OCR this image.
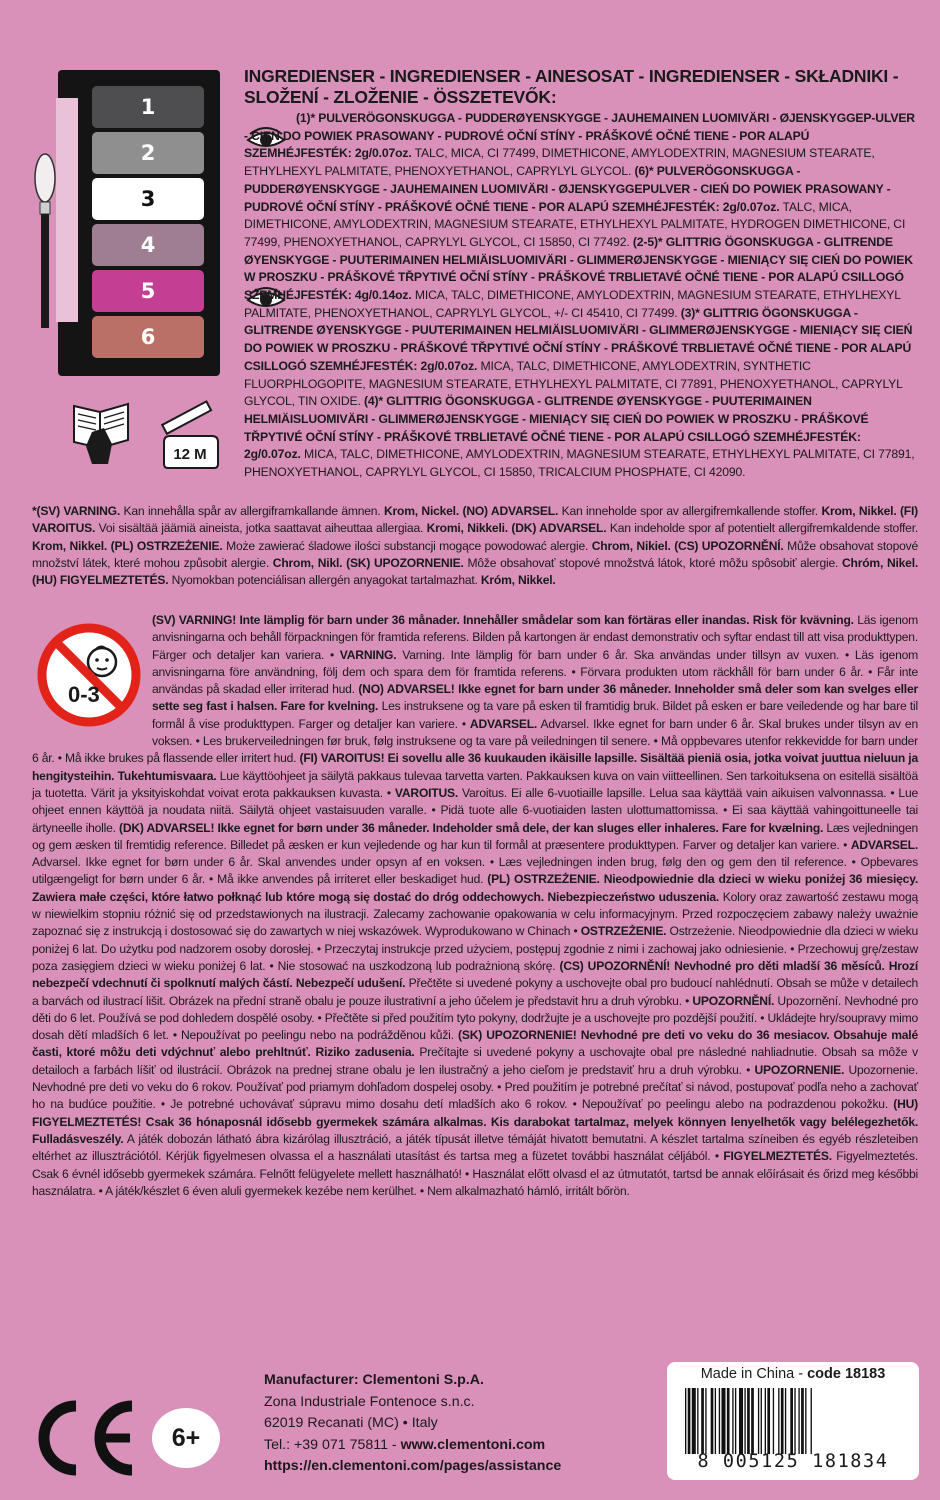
1
2
3
4
5
6
12 M
INGREDIENSER - INGREDIENSER - AINESOSAT - INGREDIENSER - SKŁADNIKI -
SLOŽENÍ - ZLOŽENIE - ÖSSZETEVŐK:
(1)* PULVERÖGONSKUGGA - PUDDERØYENSKYGGE - JAUHEMAINEN LUOMIVÄRI - ØJENSKYGGEP-ULVER - CIEŃ DO POWIEK PRASOWANY - PUDROVÉ OČNÍ STÍNY - PRÁŠKOVÉ OČNÉ TIENE - POR ALAPÚ SZEMHÉJFESTÉK: 2g/0.07oz. TALC, MICA, CI 77499, DIMETHICONE, AMYLODEXTRIN, MAGNESIUM STEARATE, ETHYLHEXYL PALMITATE, PHENOXYETHANOL, CAPRYLYL GLYCOL. (6)* PULVERÖGONSKUGGA - PUDDERØYENSKYGGE - JAUHEMAINEN LUOMIVÄRI - ØJENSKYGGEPULVER - CIEŃ DO POWIEK PRASOWANY - PUDROVÉ OČNÍ STÍNY - PRÁŠKOVÉ OČNÉ TIENE - POR ALAPÚ SZEMHÉJFESTÉK: 2g/0.07oz. TALC, MICA, DIMETHICONE, AMYLODEXTRIN, MAGNESIUM STEARATE, ETHYLHEXYL PALMITATE, HYDROGEN DIMETHICONE, CI 77499, PHENOXYETHANOL, CAPRYLYL GLYCOL, CI 15850, CI 77492. (2-5)* GLITTRIG ÖGONSKUGGA - GLITRENDE ØYENSKYGGE - PUUTERIMAINEN HELMIÄISLUOMIVÄRI - GLIMMERØJENSKYGGE - MIENIĄCY SIĘ CIEŃ DO POWIEK W PROSZKU - PRÁŠKOVÉ TŘPYTIVÉ OČNÍ STÍNY - PRÁŠKOVÉ TRBLIETAVÉ OČNÉ TIENE - POR ALAPÚ CSILLOGÓ SZEMHÉJFESTÉK: 4g/0.14oz. MICA, TALC, DIMETHICONE, AMYLODEXTRIN, MAGNESIUM STEARATE, ETHYLHEXYL PALMITATE, PHENOXYETHANOL, CAPRYLYL GLYCOL, +/- CI 45410, CI 77499. (3)* GLITTRIG ÖGONSKUGGA - GLITRENDE ØYENSKYGGE - PUUTERIMAINEN HELMIÄISLUOMIVÄRI - GLIMMERØJENSKYGGE - MIENIĄCY SIĘ CIEŃ DO POWIEK W PROSZKU - PRÁŠKOVÉ TŘPYTIVÉ OČNÍ STÍNY - PRÁŠKOVÉ TRBLIETAVÉ OČNÉ TIENE - POR ALAPÚ CSILLOGÓ SZEMHÉJFESTÉK: 2g/0.07oz. MICA, TALC, DIMETHICONE, AMYLODEXTRIN, SYNTHETIC FLUORPHLOGOPITE, MAGNESIUM STEARATE, ETHYLHEXYL PALMITATE, CI 77891, PHENOXYETHANOL, CAPRYLYL GLYCOL, TIN OXIDE. (4)* GLITTRIG ÖGONSKUGGA - GLITRENDE ØYENSKYGGE - PUUTERIMAINEN HELMIÄISLUOMIVÄRI - GLIMMERØJENSKYGGE - MIENIĄCY SIĘ CIEŃ DO POWIEK W PROSZKU - PRÁŠKOVÉ TŘPYTIVÉ OČNÍ STÍNY - PRÁŠKOVÉ TRBLIETAVÉ OČNÉ TIENE - POR ALAPÚ CSILLOGÓ SZEMHÉJFESTÉK: 2g/0.07oz. MICA, TALC, DIMETHICONE, AMYLODEXTRIN, MAGNESIUM STEARATE, ETHYLHEXYL PALMITATE, CI 77891, PHENOXYETHANOL, CAPRYLYL GLYCOL, CI 15850, TRICALCIUM PHOSPHATE, CI 42090.
*(SV) VARNING. Kan innehålla spår av allergiframkallande ämnen. Krom, Nickel. (NO) ADVARSEL. Kan inneholde spor av allergifremkallende stoffer. Krom, Nikkel. (FI) VAROITUS. Voi sisältää jäämiä aineista, jotka saattavat aiheuttaa allergiaa. Kromi, Nikkeli. (DK) ADVARSEL. Kan indeholde spor af potentielt allergifremkaldende stoffer. Krom, Nikkel. (PL) OSTRZEŻENIE. Może zawierać śladowe ilości substancji mogące powodować alergie. Chrom, Nikiel. (CS) UPOZORNĚNÍ. Může obsahovat stopové množství látek, které mohou způsobit alergie. Chrom, Nikl. (SK) UPOZORNENIE. Môže obsahovať stopové množstvá látok, ktoré môžu spôsobiť alergie. Chróm, Nikel. (HU) FIGYELMEZTETÉS. Nyomokban potenciálisan allergén anyagokat tartalmazhat. Króm, Nikkel.
0-3
(SV) VARNING! Inte lämplig för barn under 36 månader. Innehåller smådelar som kan förtäras eller inandas. Risk för kvävning. Läs igenom anvisningarna och behåll förpackningen för framtida referens. Bilden på kartongen är endast demonstrativ och syftar endast till att visa produkttypen. Färger och detaljer kan variera. • VARNING. Varning. Inte lämplig för barn under 6 år. Ska användas under tillsyn av vuxen. • Läs igenom anvisningarna före användning, följ dem och spara dem för framtida referens. • Förvara produkten utom räckhåll för barn under 6 år. • Får inte användas på skadad eller irriterad hud. (NO) ADVARSEL! Ikke egnet for barn under 36 måneder. Inneholder små deler som kan svelges eller sette seg fast i halsen. Fare for kvelning. Les instruksene og ta vare på esken til framtidig bruk. Bildet på esken er bare veiledende og har bare til formål å vise produkttypen. Farger og detaljer kan variere. • ADVARSEL. Advarsel. Ikke egnet for barn under 6 år. Skal brukes under tilsyn av en voksen. • Les brukerveiledningen før bruk, følg instruksene og ta vare på veiledningen til senere. • Må oppbevares utenfor rekkevidde for barn under 6 år. • Må ikke brukes på flassende eller irritert hud. (FI) VAROITUS! Ei sovellu alle 36 kuukauden ikäisille lapsille. Sisältää pieniä osia, jotka voivat juuttua nieluun ja hengitysteihin. Tukehtumisvaara. Lue käyttöohjeet ja säilytä pakkaus tulevaa tarvetta varten. Pakkauksen kuva on vain viitteellinen. Sen tarkoituksena on esitellä sisältöä ja tuotetta. Värit ja yksityiskohdat voivat erota pakkauksen kuvasta. • VAROITUS. Varoitus. Ei alle 6-vuotiaille lapsille. Lelua saa käyttää vain aikuisen valvonnassa. • Lue ohjeet ennen käyttöä ja noudata niitä. Säilytä ohjeet vastaisuuden varalle. • Pidä tuote alle 6-vuotiaiden lasten ulottumattomissa. • Ei saa käyttää vahingoittuneelle tai ärtyneelle iholle. (DK) ADVARSEL! Ikke egnet for børn under 36 måneder. Indeholder små dele, der kan sluges eller inhaleres. Fare for kvælning. Læs vejledningen og gem æsken til fremtidig reference. Billedet på æsken er kun vejledende og har kun til formål at præsentere produkttypen. Farver og detaljer kan variere. • ADVARSEL. Advarsel. Ikke egnet for børn under 6 år. Skal anvendes under opsyn af en voksen. • Læs vejledningen inden brug, følg den og gem den til reference. • Opbevares utilgængeligt for børn under 6 år. • Må ikke anvendes på irriteret eller beskadiget hud. (PL) OSTRZEŻENIE. Nieodpowiednie dla dzieci w wieku poniżej 36 miesięcy. Zawiera małe części, które łatwo połknąć lub które mogą się dostać do dróg oddechowych. Niebezpieczeństwo uduszenia. Kolory oraz zawartość zestawu mogą w niewielkim stopniu różnić się od przedstawionych na ilustracji. Zalecamy zachowanie opakowania w celu informacyjnym. Przed rozpoczęciem zabawy należy uważnie zapoznać się z instrukcją i dostosować się do zawartych w niej wskazówek. Wyprodukowano w Chinach • OSTRZEŻENIE. Ostrzeżenie. Nieodpowiednie dla dzieci w wieku poniżej 6 lat. Do użytku pod nadzorem osoby dorosłej. • Przeczytaj instrukcje przed użyciem, postępuj zgodnie z nimi i zachowaj jako odniesienie. • Przechowuj grę/zestaw poza zasięgiem dzieci w wieku poniżej 6 lat. • Nie stosować na uszkodzoną lub podrażnioną skórę. (CS) UPOZORNĚNÍ! Nevhodné pro děti mladší 36 měsíců. Hrozí nebezpečí vdechnutí či spolknutí malých částí. Nebezpečí udušení. Přečtěte si uvedené pokyny a uschovejte obal pro budoucí nahlédnutí. Obsah se může v detailech a barvách od ilustrací lišit. Obrázek na přední straně obalu je pouze ilustrativní a jeho účelem je představit hru a druh výrobku. • UPOZORNĚNÍ. Upozornění. Nevhodné pro děti do 6 let. Používá se pod dohledem dospělé osoby. • Přečtěte si před použitím tyto pokyny, dodržujte je a uschovejte pro pozdější použití. • Ukládejte hry/soupravy mimo dosah dětí mladších 6 let. • Nepoužívat po peelingu nebo na podrážděnou kůži. (SK) UPOZORNENIE! Nevhodné pre deti vo veku do 36 mesiacov. Obsahuje malé časti, ktoré môžu deti vdýchnuť alebo prehltnúť. Riziko zadusenia. Prečítajte si uvedené pokyny a uschovajte obal pre následné nahliadnutie. Obsah sa môže v detailoch a farbách líšiť od ilustrácií. Obrázok na prednej strane obalu je len ilustračný a jeho cieľom je predstaviť hru a druh výrobku. • UPOZORNENIE. Upozornenie. Nevhodné pre deti vo veku do 6 rokov. Používať pod priamym dohľadom dospelej osoby. • Pred použitím je potrebné prečítať si návod, postupovať podľa neho a zachovať ho na budúce použitie. • Je potrebné uchovávať súpravu mimo dosahu detí mladších ako 6 rokov. • Nepoužívať po peelingu alebo na podrazdenou pokožku. (HU) FIGYELMEZTETÉS! Csak 36 hónaposnál idősebb gyermekek számára alkalmas. Kis darabokat tartalmaz, melyek könnyen lenyelhetők vagy belélegezhetők. Fulladásveszély. A játék dobozán látható ábra kizárólag illusztráció, a játék típusát illetve témáját hivatott bemutatni. A készlet tartalma színeiben és egyéb részleteiben eltérhet az illusztrációtól. Kérjük figyelmesen olvassa el a használati utasítást és tartsa meg a füzetet további használat céljából. • FIGYELMEZTETÉS. Figyelmeztetés. Csak 6 évnél idősebb gyermekek számára. Felnőtt felügyelete mellett használható! • Használat előtt olvasd el az útmutatót, tartsd be annak előírásait és őrizd meg későbbi használatra. • A játék/készlet 6 éven aluli gyermekek kezébe nem kerülhet. • Nem alkalmazható hámló, irritált bőrön.
6+
Manufacturer: Clementoni S.p.A.
Zona Industriale Fontenoce s.n.c.
62019 Recanati (MC) • Italy
Tel.: +39 071 75811 - www.clementoni.com
https://en.clementoni.com/pages/assistance
Made in China - code 18183
8 005125 181834
